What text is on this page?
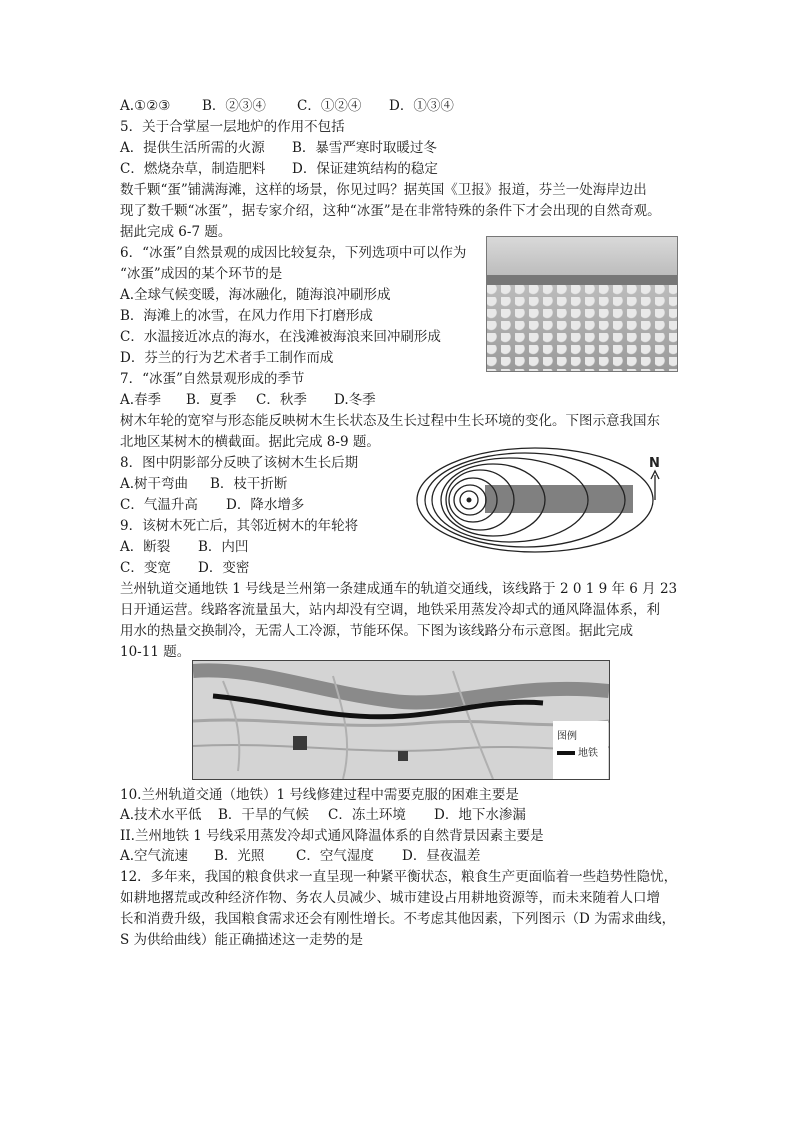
A.①②③ B．②③④ C．①②④ D．①③④
5．关于合掌屋一层地炉的作用不包括
A．提供生活所需的火源 B．暴雪严寒时取暖过冬
C．燃烧杂草，制造肥料 D．保证建筑结构的稳定
数千颗“蛋”铺满海滩，这样的场景，你见过吗？据英国《卫报》报道，芬兰一处海岸边出
现了数千颗“冰蛋”，据专家介绍，这种“冰蛋”是在非常特殊的条件下才会出现的自然奇观。
据此完成 6-7 题。
6．“冰蛋”自然景观的成因比较复杂，下列选项中可以作为
“冰蛋”成因的某个环节的是
A.全球气候变暖，海冰融化，随海浪冲刷形成
B．海滩上的冰雪，在风力作用下打磨形成
C．水温接近冰点的海水，在浅滩被海浪来回冲刷形成
D．芬兰的行为艺术者手工制作而成
7．“冰蛋”自然景观形成的季节
A.春季 B．夏季 C．秋季 D.冬季
树木年轮的宽窄与形态能反映树木生长状态及生长过程中生长环境的变化。下图示意我国东
北地区某树木的横截面。据此完成 8-9 题。
8．图中阴影部分反映了该树木生长后期
A.树干弯曲 B．枝干折断
C．气温升高 D．降水增多
9．该树木死亡后，其邻近树木的年轮将
A．断裂 B．内凹
C．变宽 D．变密
N
兰州轨道交通地铁 1 号线是兰州第一条建成通车的轨道交通线，该线路于 2 0 1 9 年 6 月 23
日开通运营。线路客流量虽大，站内却没有空调，地铁采用蒸发冷却式的通风降温体系，利
用水的热量交换制冷，无需人工冷源，节能环保。下图为该线路分布示意图。据此完成
10-11 题。
图例
地铁
10.兰州轨道交通（地铁）1 号线修建过程中需要克服的困难主要是
A.技术水平低 B．干旱的气候 C．冻土环境 D．地下水渗漏
II.兰州地铁 1 号线采用蒸发冷却式通风降温体系的自然背景因素主要是
A.空气流速 B．光照 C．空气湿度 D．昼夜温差
12．多年来，我国的粮食供求一直呈现一种紧平衡状态，粮食生产更面临着一些趋势性隐忧，
如耕地撂荒或改种经济作物、务农人员减少、城市建设占用耕地资源等，而未来随着人口增
长和消费升级，我国粮食需求还会有刚性增长。不考虑其他因素，下列图示（D 为需求曲线，
S 为供给曲线）能正确描述这一走势的是
